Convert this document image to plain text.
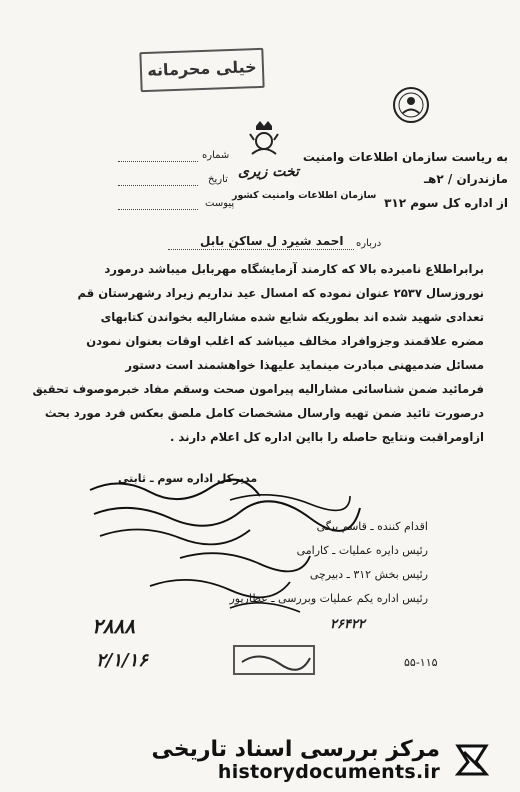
خیلی محرمانه
به ریاست سازمان اطلاعات وامنیت
مازندران / ۲هـ
از اداره کل سوم ۳۱۲
تخت زیری
سازمان اطلاعات وامنیت کشور
شماره
تاریخ
پیوست
درباره
احمد شیرد ل ساکن بابل
برابراطلاع نامبرده بالا که کارمند آزمایشگاه مهربابل میباشد درمورد
نوروزسال ۲۵۳۷ عنوان نموده که امسال عید نداریم زیراد رشهرستان قم
تعدادی شهید شده اند بطوریکه شایع شده مشارالیه بخواندن کتابهای
مضره علاقمند وجزوافراد مخالف میباشد که اغلب اوقات بعنوان نمودن
مسائل ضدمیهنی مبادرت مینماید علیهذا خواهشمند است دستور
فرمائید ضمن شناسائی مشارالیه پیرامون صحت وسقم مفاد خبرموصوف تحقیق
درصورت تائید ضمن تهیه وارسال مشخصات کامل ملصق بعکس فرد مورد بحث
ازاومراقبت ونتایج حاصله را بااین اداره کل اعلام دارند .
مدیرکل اداره سوم ـ ثابتی
اقدام کننده ـ قاسم بیگی
رئیس دایره عملیات ـ کارامی
رئیس بخش ۳۱۲ ـ دبیرچی
رئیس اداره یکم عملیات وبررسی ـ عطارپور
۲۸۸۸
۲/۱/۱۶
۲۶۴۲۲
۵۵-۱۱۵
مرکز بررسی اسناد تاریخی
historydocuments.ir
